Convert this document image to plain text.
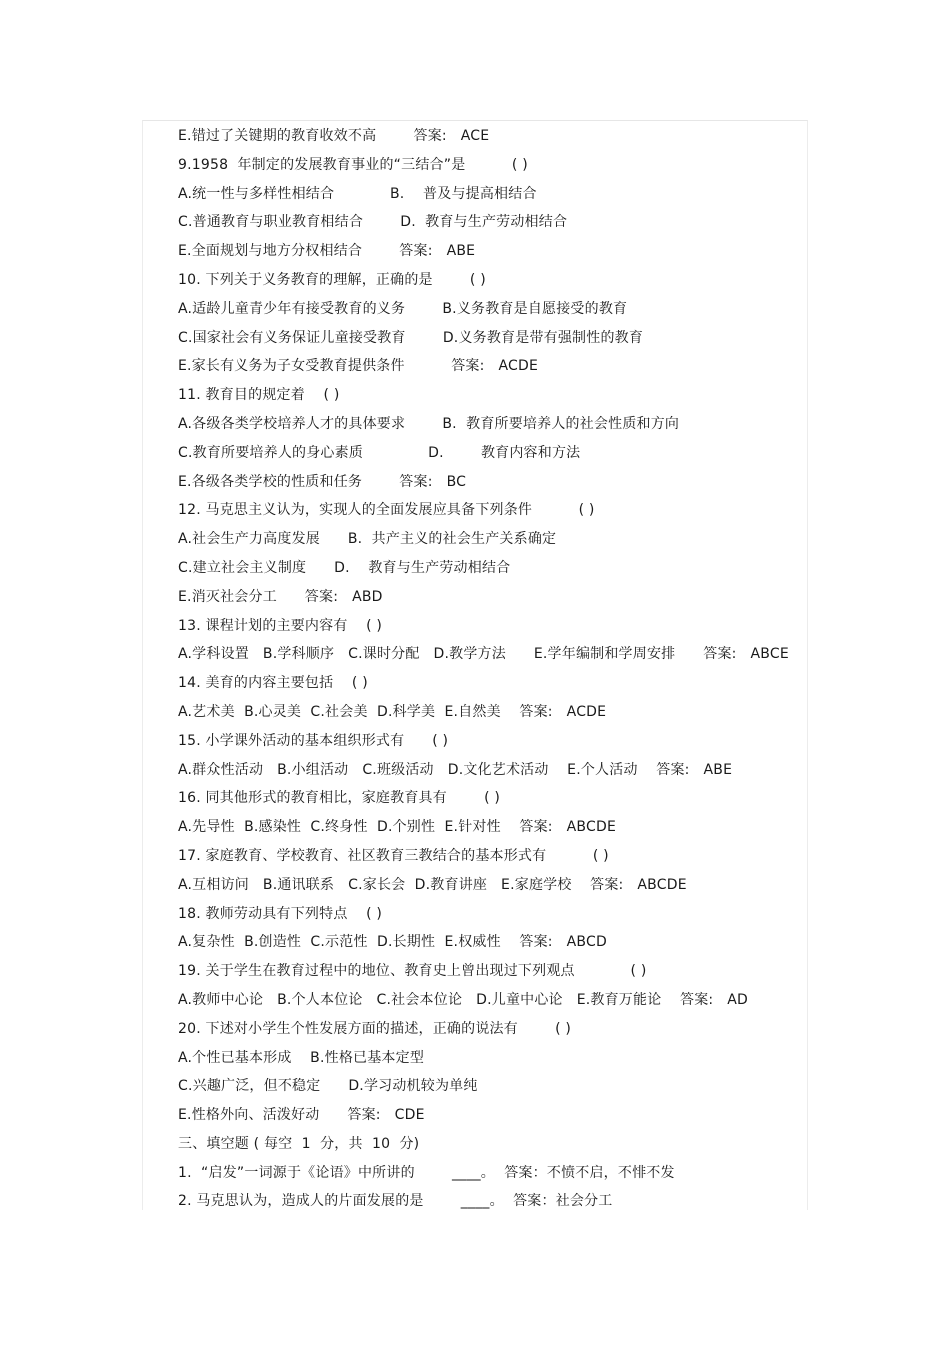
E.错过了关键期的教育收效不高        答案:   ACE
9.1958  年制定的发展教育事业的“三结合”是          ( )
A.统一性与多样性相结合            B.    普及与提高相结合
C.普通教育与职业教育相结合        D.  教育与生产劳动相结合
E.全面规划与地方分权相结合        答案:   ABE
10. 下列关于义务教育的理解，正确的是        ( )
A.适龄儿童青少年有接受教育的义务        B.义务教育是自愿接受的教育
C.国家社会有义务保证儿童接受教育        D.义务教育是带有强制性的教育
E.家长有义务为子女受教育提供条件          答案:   ACDE
11. 教育目的规定着    ( )
A.各级各类学校培养人才的具体要求        B.  教育所要培养人的社会性质和方向
C.教育所要培养人的身心素质              D.        教育内容和方法
E.各级各类学校的性质和任务        答案:   BC
12. 马克思主义认为，实现人的全面发展应具备下列条件          ( )
A.社会生产力高度发展      B.  共产主义的社会生产关系确定
C.建立社会主义制度      D.    教育与生产劳动相结合
E.消灭社会分工      答案:   ABD
13. 课程计划的主要内容有    ( )
A.学科设置   B.学科顺序   C.课时分配   D.教学方法      E.学年编制和学周安排      答案:   ABCE
14. 美育的内容主要包括    ( )
A.艺术美  B.心灵美  C.社会美  D.科学美  E.自然美    答案:   ACDE
15. 小学课外活动的基本组织形式有      ( )
A.群众性活动   B.小组活动   C.班级活动   D.文化艺术活动    E.个人活动    答案:   ABE
16. 同其他形式的教育相比，家庭教育具有        ( )
A.先导性  B.感染性  C.终身性  D.个别性  E.针对性    答案:   ABCDE
17. 家庭教育、学校教育、社区教育三教结合的基本形式有          ( )
A.互相访问   B.通讯联系   C.家长会  D.教育讲座   E.家庭学校    答案:   ABCDE
18. 教师劳动具有下列特点    ( )
A.复杂性  B.创造性  C.示范性  D.长期性  E.权威性    答案:   ABCD
19. 关于学生在教育过程中的地位、教育史上曾出现过下列观点            ( )
A.教师中心论   B.个人本位论   C.社会本位论   D.儿童中心论   E.教育万能论    答案:   AD
20. 下述对小学生个性发展方面的描述，正确的说法有        ( )
A.个性已基本形成    B.性格已基本定型
C.兴趣广泛，但不稳定      D.学习动机较为单纯
E.性格外向、活泼好动      答案:   CDE
三、填空题 ( 每空  1  分，共  10  分)
1.  “启发”一词源于《论语》中所讲的        ____。  答案：不愤不启，不悱不发
2. 马克思认为，造成人的片面发展的是        ____。  答案：社会分工
